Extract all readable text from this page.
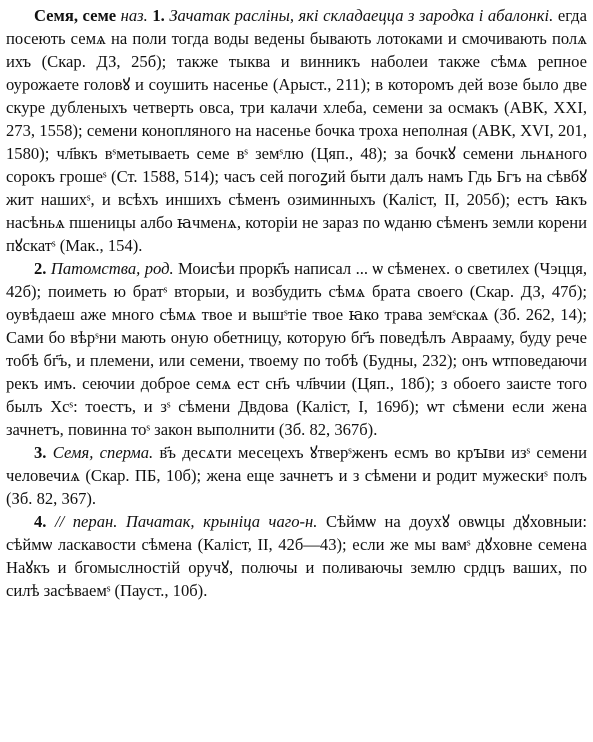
Семя, семе наз. 1. Зачатак расліны, які складаецца з зародка і абалонкі. егда посеють семѧ на поли тогда воды ведены бывають лотоками и смочивають полѧ ихъ (Скар. ДЗ, 25б); также тыква и винникъ наболеи также сѣмѧ репное оурожаете головꙋ и соушить насенье (Арыст., 211); в которомъ дей возе было две скуре дубленыхъ четверть овса, три калачи хлеба, семени за осмакъ (АВК, XXI, 273, 1558); семени конопляного на насенье бочка троха неполная (АВК, XVI, 201, 1580); чл҃вкъ вˢметываеть семе вˢ земˢлю (Цяп., 48); за бочкꙋ семени льнѧного сорокъ грошеˢ (Ст. 1588, 514); часъ сей погоꙁий быти далъ намъ Гдь Бгъ на сѣвбꙋ жит нашихˢ, и всѣхъ иншихъ сѣменъ озиминныхъ (Каліст, II, 205б); естъ ꙗкъ насѣньѧ пшеницы албо ꙗчменѧ, которіи не зараз по ѡданю сѣменъ земли корени пꙋскатˢ (Мак., 154).

2. Патомства, род. Моисѣи прорк҃ъ написал ... ѡ сѣменех. о светилех (Чэцця, 42б); поиметь ю братˢ вторыи, и возбудить сѣмѧ брата своего (Скар. ДЗ, 47б); оувѣдаеш аже много сѣмѧ твое и вышˢтіе твое ꙗко трава земˢскаѧ (Зб. 262, 14); Сами бо вѣрˢни мають оную обетницу, которую бг҃ъ поведѣлъ Аврааму, буду рече тобѣ бг҃ъ, и племени, или семени, твоему по тобѣ (Будны, 232); онъ ѡтповедаючи рекъ имъ. сеючии доброе семѧ ест сн҃ъ чл҃вчии (Цяп., 18б); з обоего заисте того былъ Хсˢ: тоестъ, и зˢ сѣмени Двдова (Каліст, I, 169б); ѡт сѣмени если жена зачнетъ, повинна тоˢ закон выполнити (Зб. 82, 367б).

3. Семя, сперма. в҃ъ десѧти месецехъ ꙋтверˢженъ есмъ во крꙑви изˢ семени человечиѧ (Скар. ПБ, 10б); жена еще зачнетъ и з сѣмени и родит мужескиˢ полъ (Зб. 82, 367).

4. // перан. Пачатак, крыніца чаго-н. Сѣймѡ на доухꙋ овѡцы дꙋховныи: сѣймѡ ласкавости сѣмена (Каліст, II, 42б—43); если же мы вамˢ дꙋховне семена Наꙋкъ и бгомыслностій оручꙋ, полючы и поливаючы землю срдцъ ваших, по силѣ засѣваемˢ (Пауст., 10б).
